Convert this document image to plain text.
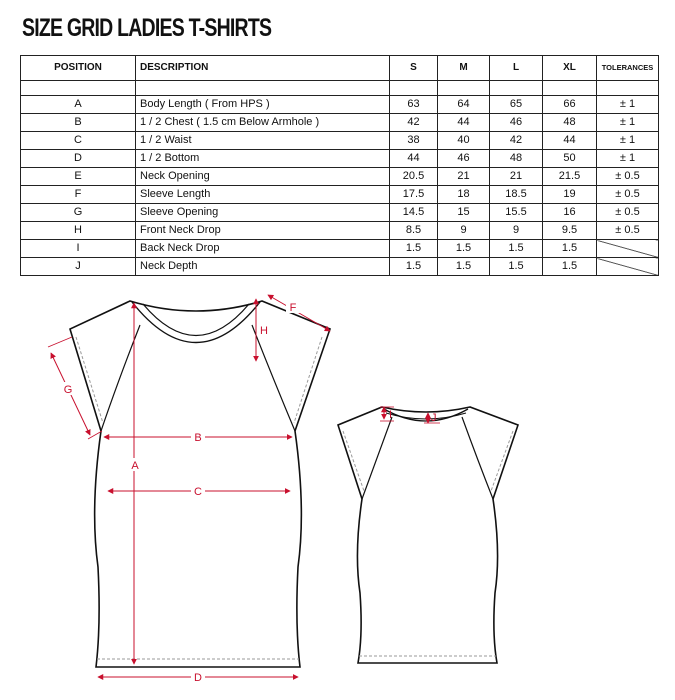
SIZE GRID LADIES T-SHIRTS
POSITION	DESCRIPTION	S	M	L	XL	TOLERANCES

A	Body Length ( From HPS )	63	64	65	66	± 1
B	1 / 2 Chest ( 1.5 cm Below Armhole )	42	44	46	48	± 1
C	1 / 2 Waist	38	40	42	44	± 1
D	1 / 2 Bottom	44	46	48	50	± 1
E	Neck Opening	20.5	21	21	21.5	± 0.5
F	Sleeve Length	17.5	18	18.5	19	± 0.5
G	Sleeve Opening	14.5	15	15.5	16	± 0.5
H	Front Neck Drop	8.5	9	9	9.5	± 0.5
I	Back Neck Drop	1.5	1.5	1.5	1.5	
J	Neck Depth	1.5	1.5	1.5	1.5	
A
B
C
D
G
F
H
I	J
